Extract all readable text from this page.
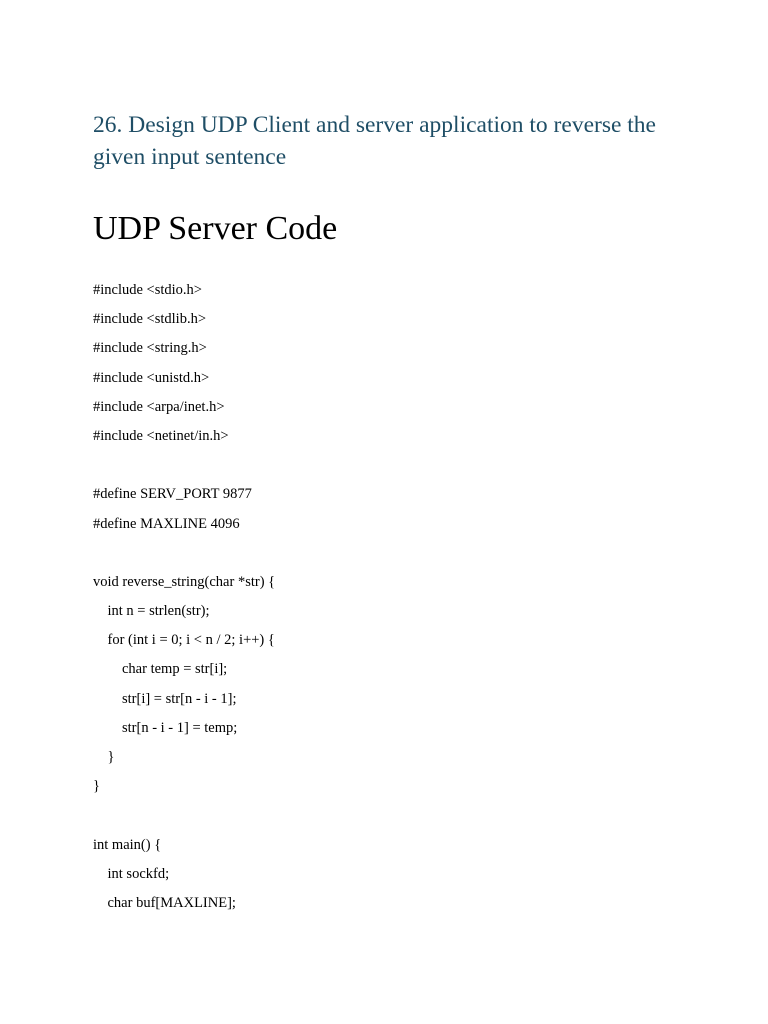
26. Design UDP Client and server application to reverse the given input sentence
UDP Server Code
#include <stdio.h>
#include <stdlib.h>
#include <string.h>
#include <unistd.h>
#include <arpa/inet.h>
#include <netinet/in.h>
#define SERV_PORT 9877
#define MAXLINE 4096
void reverse_string(char *str) {
int n = strlen(str);
for (int i = 0; i < n / 2; i++) {
char temp = str[i];
str[i] = str[n - i - 1];
str[n - i - 1] = temp;
}
}
int main() {
int sockfd;
char buf[MAXLINE];
